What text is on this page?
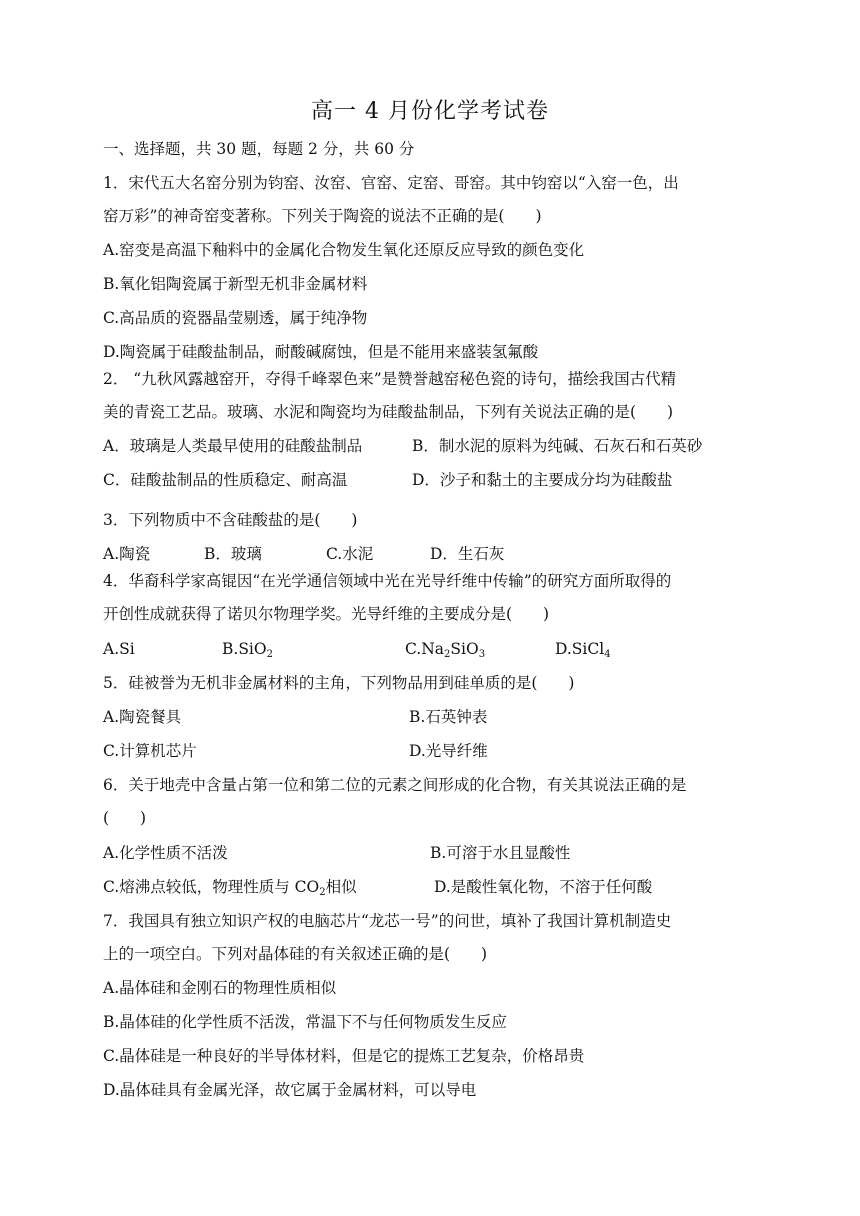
高一 4 月份化学考试卷
一、选择题，共 30 题，每题 2 分，共 60 分
1．宋代五大名窑分别为钧窑、汝窑、官窑、定窑、哥窑。其中钧窑以“入窑一色，出
窑万彩”的神奇窑变著称。下列关于陶瓷的说法不正确的是(　　)
A.窑变是高温下釉料中的金属化合物发生氧化还原反应导致的颜色变化
B.氧化铝陶瓷属于新型无机非金属材料
C.高品质的瓷器晶莹剔透，属于纯净物
D.陶瓷属于硅酸盐制品，耐酸碱腐蚀，但是不能用来盛装氢氟酸
2． “九秋风露越窑开，夺得千峰翠色来”是赞誉越窑秘色瓷的诗句，描绘我国古代精
美的青瓷工艺品。玻璃、水泥和陶瓷均为硅酸盐制品，下列有关说法正确的是(　　)
A．玻璃是人类最早使用的硅酸盐制品	B．制水泥的原料为纯碱、石灰石和石英砂
C．硅酸盐制品的性质稳定、耐高温	D．沙子和黏土的主要成分均为硅酸盐
3．下列物质中不含硅酸盐的是(　　)
A.陶瓷	B．玻璃	C.水泥	D．生石灰
4．华裔科学家高锟因“在光学通信领域中光在光导纤维中传输”的研究方面所取得的
开创性成就获得了诺贝尔物理学奖。光导纤维的主要成分是(　　)
A.Si	B.SiO$_2$	$C.Na_2SiO_3$	D.SiCl$_4$
5．硅被誉为无机非金属材料的主角，下列物品用到硅单质的是(　　)
A.陶瓷餐具	B.石英钟表
C.计算机芯片	D.光导纤维
6．关于地壳中含量占第一位和第二位的元素之间形成的化合物，有关其说法正确的是
(　　)
A.化学性质不活泼	B.可溶于水且显酸性
C.熔沸点较低，物理性质与 $CO_2$相似	D.是酸性氧化物，不溶于任何酸
7．我国具有独立知识产权的电脑芯片“龙芯一号”的问世，填补了我国计算机制造史
上的一项空白。下列对晶体硅的有关叙述正确的是(　　)
A.晶体硅和金刚石的物理性质相似
B.晶体硅的化学性质不活泼，常温下不与任何物质发生反应
C.晶体硅是一种良好的半导体材料，但是它的提炼工艺复杂，价格昂贵
D.晶体硅具有金属光泽，故它属于金属材料，可以导电
